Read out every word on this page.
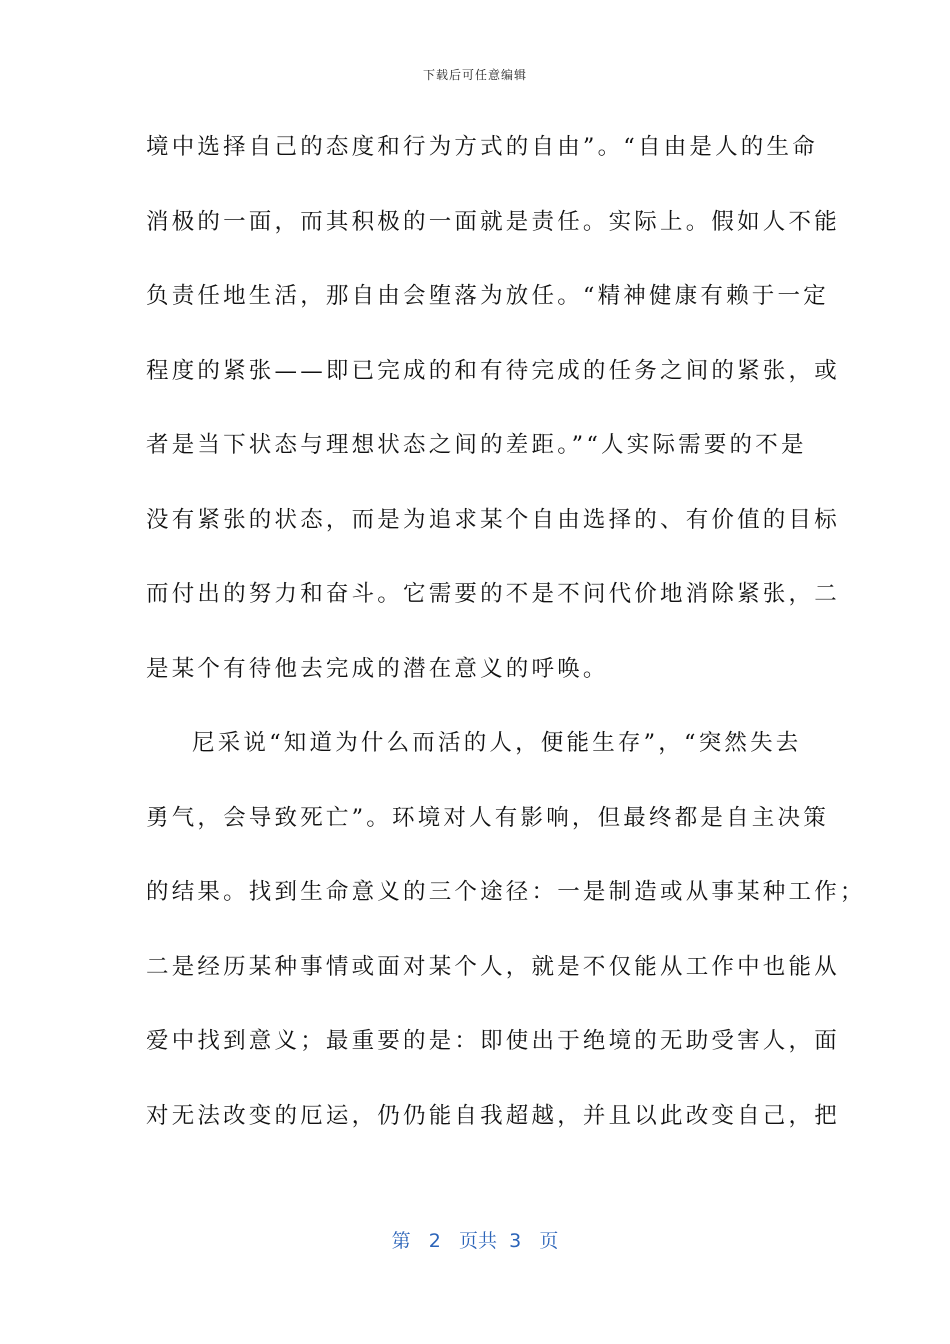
下载后可任意编辑
境中选择自己的态度和行为方式的自由”。“自由是人的生命
消极的一面，而其积极的一面就是责任。实际上。假如人不能
负责任地生活，那自由会堕落为放任。“精神健康有赖于一定
程度的紧张——即已完成的和有待完成的任务之间的紧张，或
者是当下状态与理想状态之间的差距。”“人实际需要的不是
没有紧张的状态，而是为追求某个自由选择的、有价值的目标
而付出的努力和奋斗。它需要的不是不问代价地消除紧张，二
是某个有待他去完成的潜在意义的呼唤。
尼采说“知道为什么而活的人，便能生存”，“突然失去
勇气，会导致死亡”。环境对人有影响，但最终都是自主决策
的结果。找到生命意义的三个途径：一是制造或从事某种工作；
二是经历某种事情或面对某个人，就是不仅能从工作中也能从
爱中找到意义；最重要的是：即使出于绝境的无助受害人，面
对无法改变的厄运，仍仍能自我超越，并且以此改变自己，把
第 2 页共 3 页
